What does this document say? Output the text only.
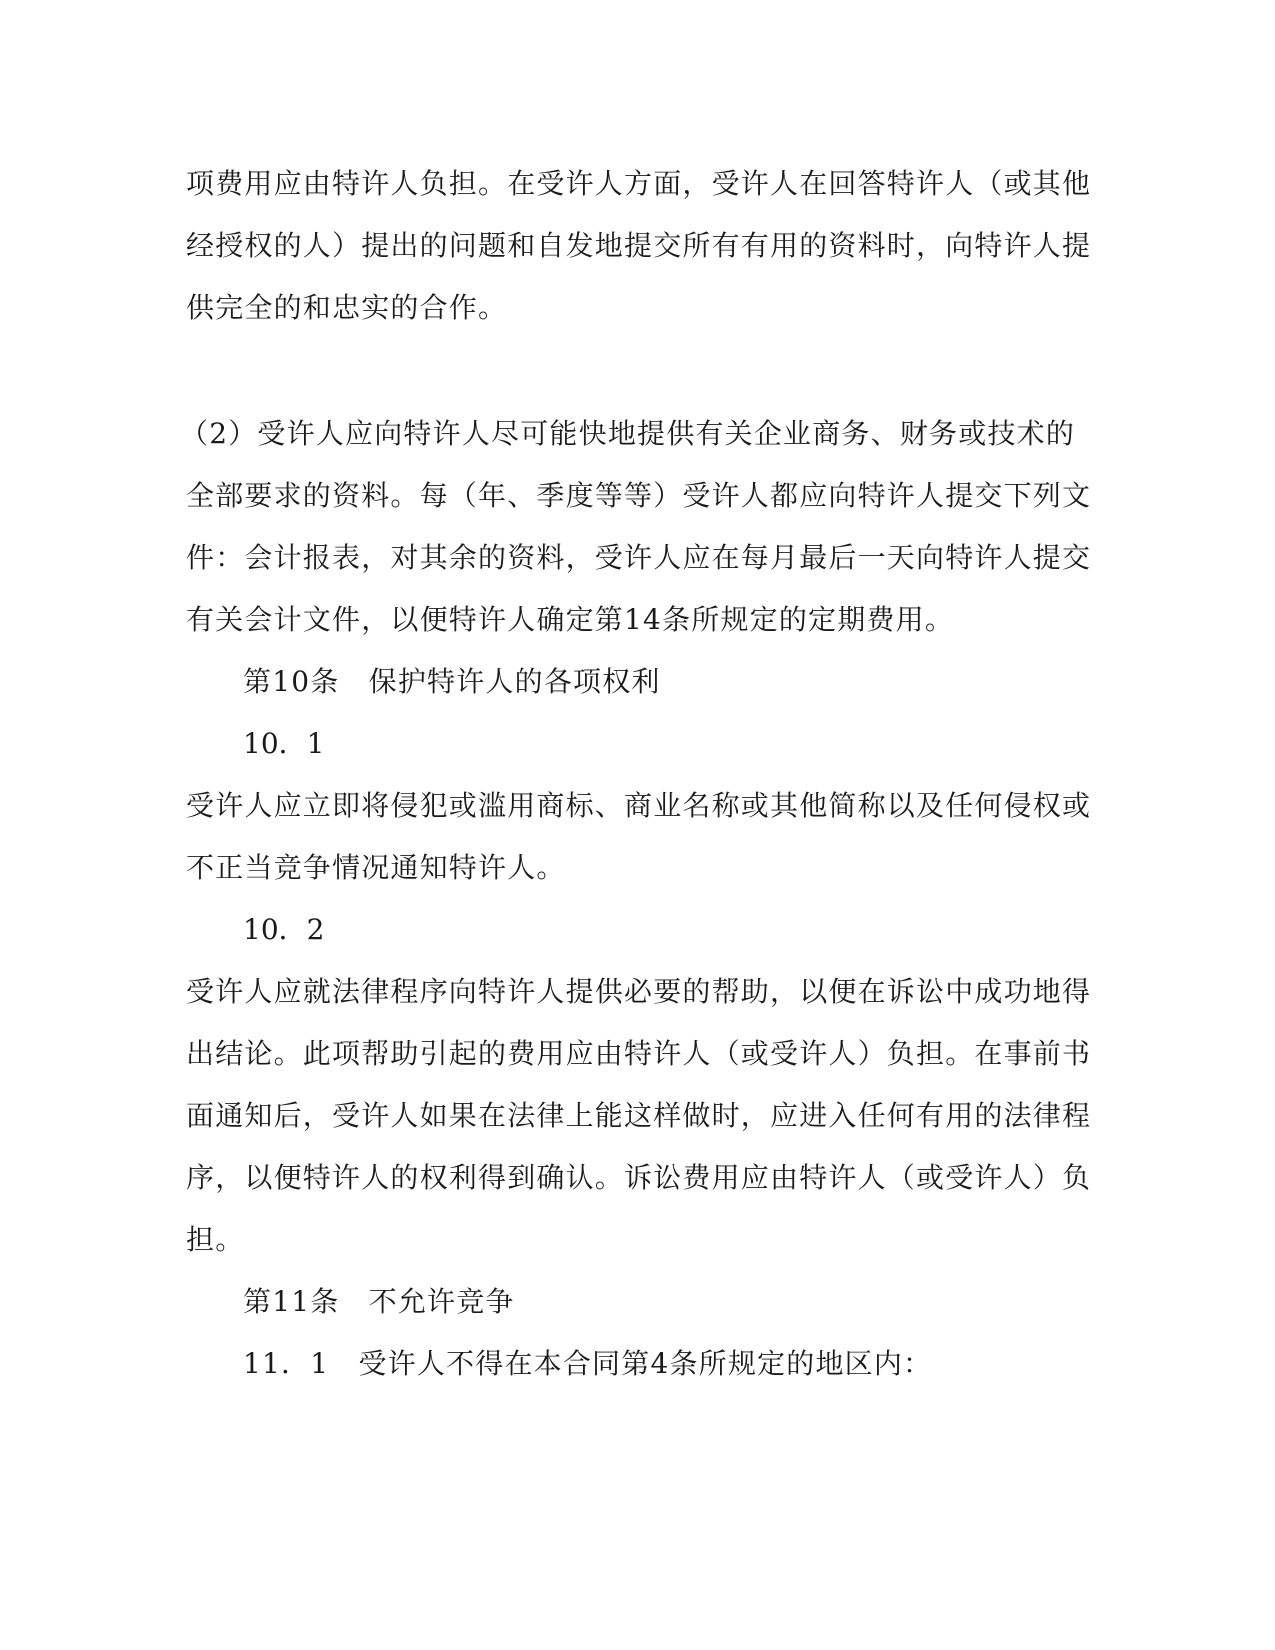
项费用应由特许人负担。在受许人方面，受许人在回答特许人（或其他
经授权的人）提出的问题和自发地提交所有有用的资料时，向特许人提
供完全的和忠实的合作。
（2）受许人应向特许人尽可能快地提供有关企业商务、财务或技术的
全部要求的资料。每（年、季度等等）受许人都应向特许人提交下列文
件：会计报表，对其余的资料，受许人应在每月最后一天向特许人提交
有关会计文件，以便特许人确定第14条所规定的定期费用。
第10条　保护特许人的各项权利
10．1
受许人应立即将侵犯或滥用商标、商业名称或其他简称以及任何侵权或
不正当竞争情况通知特许人。
10．2
受许人应就法律程序向特许人提供必要的帮助，以便在诉讼中成功地得
出结论。此项帮助引起的费用应由特许人（或受许人）负担。在事前书
面通知后，受许人如果在法律上能这样做时，应进入任何有用的法律程
序，以便特许人的权利得到确认。诉讼费用应由特许人（或受许人）负
担。
第11条　不允许竞争
11．1　受许人不得在本合同第4条所规定的地区内：
